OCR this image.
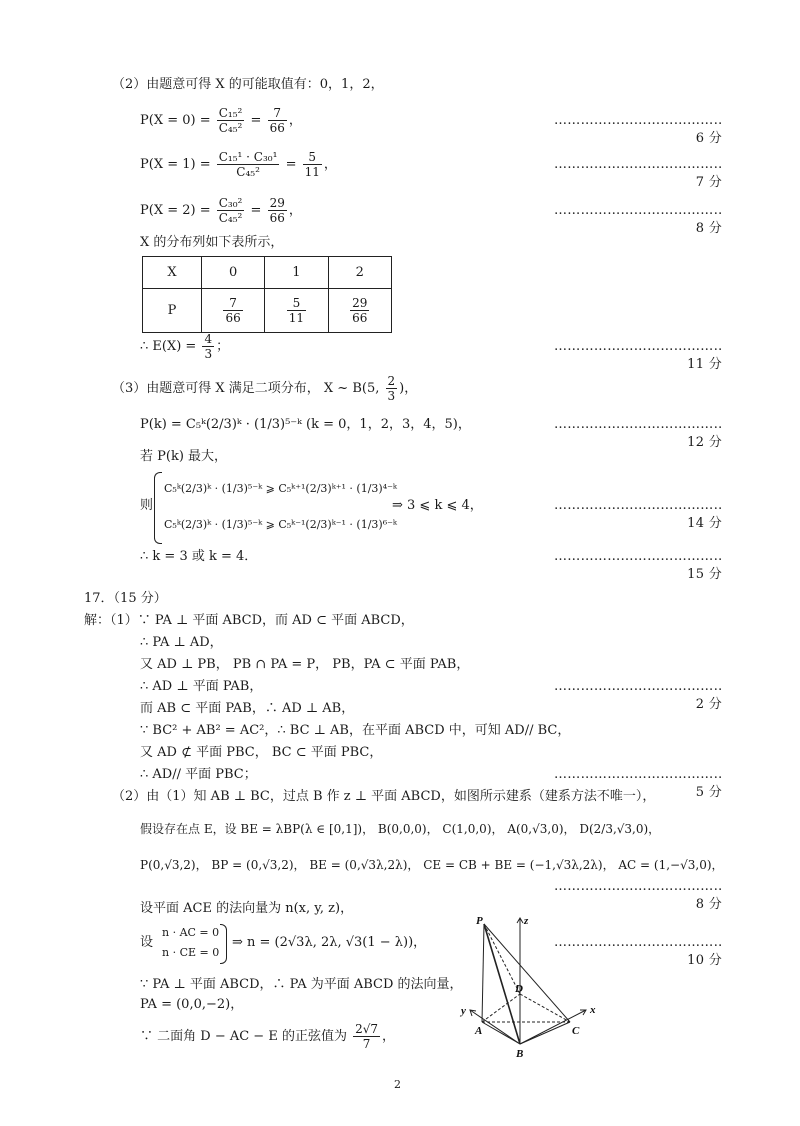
（2）由题意可得 X 的可能取值有：0，1，2，
$P(X = 0) = \frac{\text{C₁₅²}}{\text{C₄₅²}} = \frac{7}{66}$ ，
………………………………………… 6 分
$P(X = 1) = \frac{\text{C₁₅¹ · C₃₀¹}}{\text{C₄₅²}} = \frac{5}{11}$ ，
………………………………………… 7 分
$P(X = 2) = \frac{\text{C₃₀²}}{\text{C₄₅²}} = \frac{29}{66}$ ，
………………………………………… 8 分
X 的分布列如下表所示，
X	0	1	2
P	$\frac{7}{66}$	$\frac{5}{11}$	$\frac{29}{66}$
∴ $E(X) = \frac{4}{3}$ ；
………………………………………… 11 分
（3）由题意可得 X 满足二项分布， X ~ B(5, $\frac{2}{3}$ )，
P(k) = C₅ᵏ(2/3)ᵏ · (1/3)⁵⁻ᵏ (k = 0，1，2，3，4，5)，
………………………………………… 12 分
若 P(k) 最大，
则
C₅ᵏ(2/3)ᵏ · (1/3)⁵⁻ᵏ ⩾ C₅ᵏ⁺¹(2/3)ᵏ⁺¹ · (1/3)⁴⁻ᵏ
C₅ᵏ(2/3)ᵏ · (1/3)⁵⁻ᵏ ⩾ C₅ᵏ⁻¹(2/3)ᵏ⁻¹ · (1/3)⁶⁻ᵏ
⇒ 3 ⩽ k ⩽ 4，
………………………………………… 14 分
∴ k = 3 或 k = 4．
………………………………………… 15 分
17．（15 分）
解：（1）∵ PA ⊥ 平面 ABCD，而 AD ⊂ 平面 ABCD，
∴ PA ⊥ AD，
又 AD ⊥ PB， PB ∩ PA = P， PB，PA ⊂ 平面 PAB，
∴ AD ⊥ 平面 PAB，
………………………………………… 2 分
而 AB ⊂ 平面 PAB，∴ AD ⊥ AB，
∵ BC² + AB² = AC²，∴ BC ⊥ AB，在平面 ABCD 中，可知 AD// BC，
又 AD ⊄ 平面 PBC， BC ⊂ 平面 PBC，
∴ AD// 平面 PBC；
………………………………………… 5 分
（2）由（1）知 AB ⊥ BC，过点 B 作 z ⊥ 平面 ABCD，如图所示建系（建系方法不唯一），
假设存在点 E，设 BE = λBP(λ ∈ [0,1])， B(0,0,0)， C(1,0,0)， A(0,√3,0)， D(2/3,√3,0)，
P(0,√3,2)， BP = (0,√3,2)， BE = (0,√3λ,2λ)， CE = CB + BE = (−1,√3λ,2λ)， AC = (1,−√3,0)，
………………………………………… 8 分
设平面 ACE 的法向量为 n(x, y, z)，
设
n · AC = 0
n · CE = 0
⇒ n = (2√3λ, 2λ, √3(1 − λ))，
………………………………………… 10 分
∵ PA ⊥ 平面 ABCD，∴ PA 为平面 ABCD 的法向量，
PA = (0,0,−2)，
∵ 二面角 D − AC − E 的正弦值为 $\frac{2√7}{7}$ ，
P	z
D
y
A	C
x
B
2
